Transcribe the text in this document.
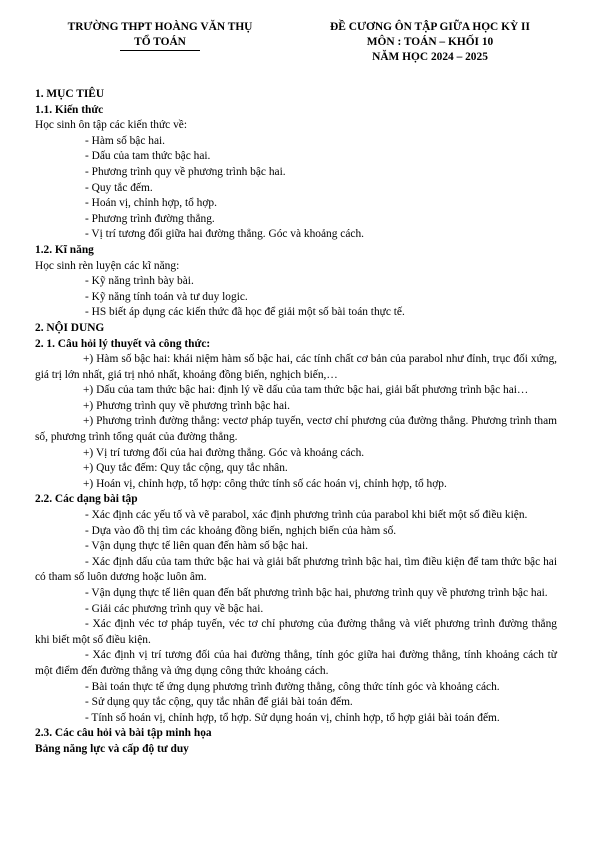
TRƯỜNG THPT HOÀNG VĂN THỤ
TỔ TOÁN
ĐỀ CƯƠNG ÔN TẬP GIỮA HỌC KỲ II
MÔN : TOÁN – KHỐI 10
NĂM HỌC 2024 – 2025
1. MỤC TIÊU
1.1. Kiến thức
Học sinh ôn tập các kiến thức về:
- Hàm số bậc hai.
- Dấu của tam thức bậc hai.
- Phương trình quy về phương trình bậc hai.
- Quy tắc đếm.
- Hoán vị, chỉnh hợp, tổ hợp.
- Phương trình đường thẳng.
- Vị trí tương đối giữa hai đường thẳng. Góc và khoảng cách.
1.2. Kĩ năng
Học sinh rèn luyện các kĩ năng:
- Kỹ năng trình bày bài.
- Kỹ năng tính toán và tư duy logic.
- HS biết áp dụng các kiến thức đã học để giải một số bài toán thực tế.
2. NỘI DUNG
2. 1. Câu hỏi lý thuyết và công thức:
+) Hàm số bậc hai: khái niệm hàm số bậc hai, các tính chất cơ bản của parabol như đỉnh, trục đối xứng, giá trị lớn nhất, giá trị nhỏ nhất, khoảng đồng biến, nghịch biến,…
+) Dấu của tam thức bậc hai: định lý về dấu của tam thức bậc hai, giải bất phương trình bậc hai…
+) Phương trình quy về phương trình bậc hai.
+) Phương trình đường thẳng: vectơ pháp tuyến, vectơ chỉ phương của đường thẳng. Phương trình tham số, phương trình tổng quát của đường thẳng.
+) Vị trí tương đối của hai đường thẳng. Góc và khoảng cách.
+) Quy tắc đếm: Quy tắc cộng, quy tắc nhân.
+) Hoán vị, chỉnh hợp, tổ hợp: công thức tính số các hoán vị, chỉnh hợp, tổ hợp.
2.2. Các dạng bài tập
- Xác định các yếu tố và vẽ parabol, xác định phương trình của parabol khi biết một số điều kiện.
- Dựa vào đồ thị tìm các khoảng đồng biến, nghịch biến của hàm số.
- Vận dụng thực tế liên quan đến hàm số bậc hai.
- Xác định dấu của tam thức bậc hai và giải bất phương trình bậc hai, tìm điều kiện để tam thức bậc hai có tham số luôn dương hoặc luôn âm.
- Vận dụng thực tế liên quan đến bất phương trình bậc hai, phương trình quy về phương trình bậc hai.
- Giải các phương trình quy về bậc hai.
- Xác định véc tơ pháp tuyến, véc tơ chỉ phương của đường thẳng và viết phương trình đường thẳng khi biết một số điều kiện.
- Xác định vị trí tương đối của hai đường thẳng, tính góc giữa hai đường thẳng, tính khoảng cách từ một điểm đến đường thẳng và ứng dụng công thức khoảng cách.
- Bài toán thực tế ứng dụng phương trình đường thẳng, công thức tính góc và khoảng cách.
- Sử dụng quy tắc cộng, quy tắc nhân để giải bài toán đếm.
- Tính số hoán vị, chỉnh hợp, tổ hợp. Sử dụng hoán vị, chỉnh hợp, tổ hợp giải bài toán đếm.
2.3. Các câu hỏi và bài tập minh họa
Bảng năng lực và cấp độ tư duy
